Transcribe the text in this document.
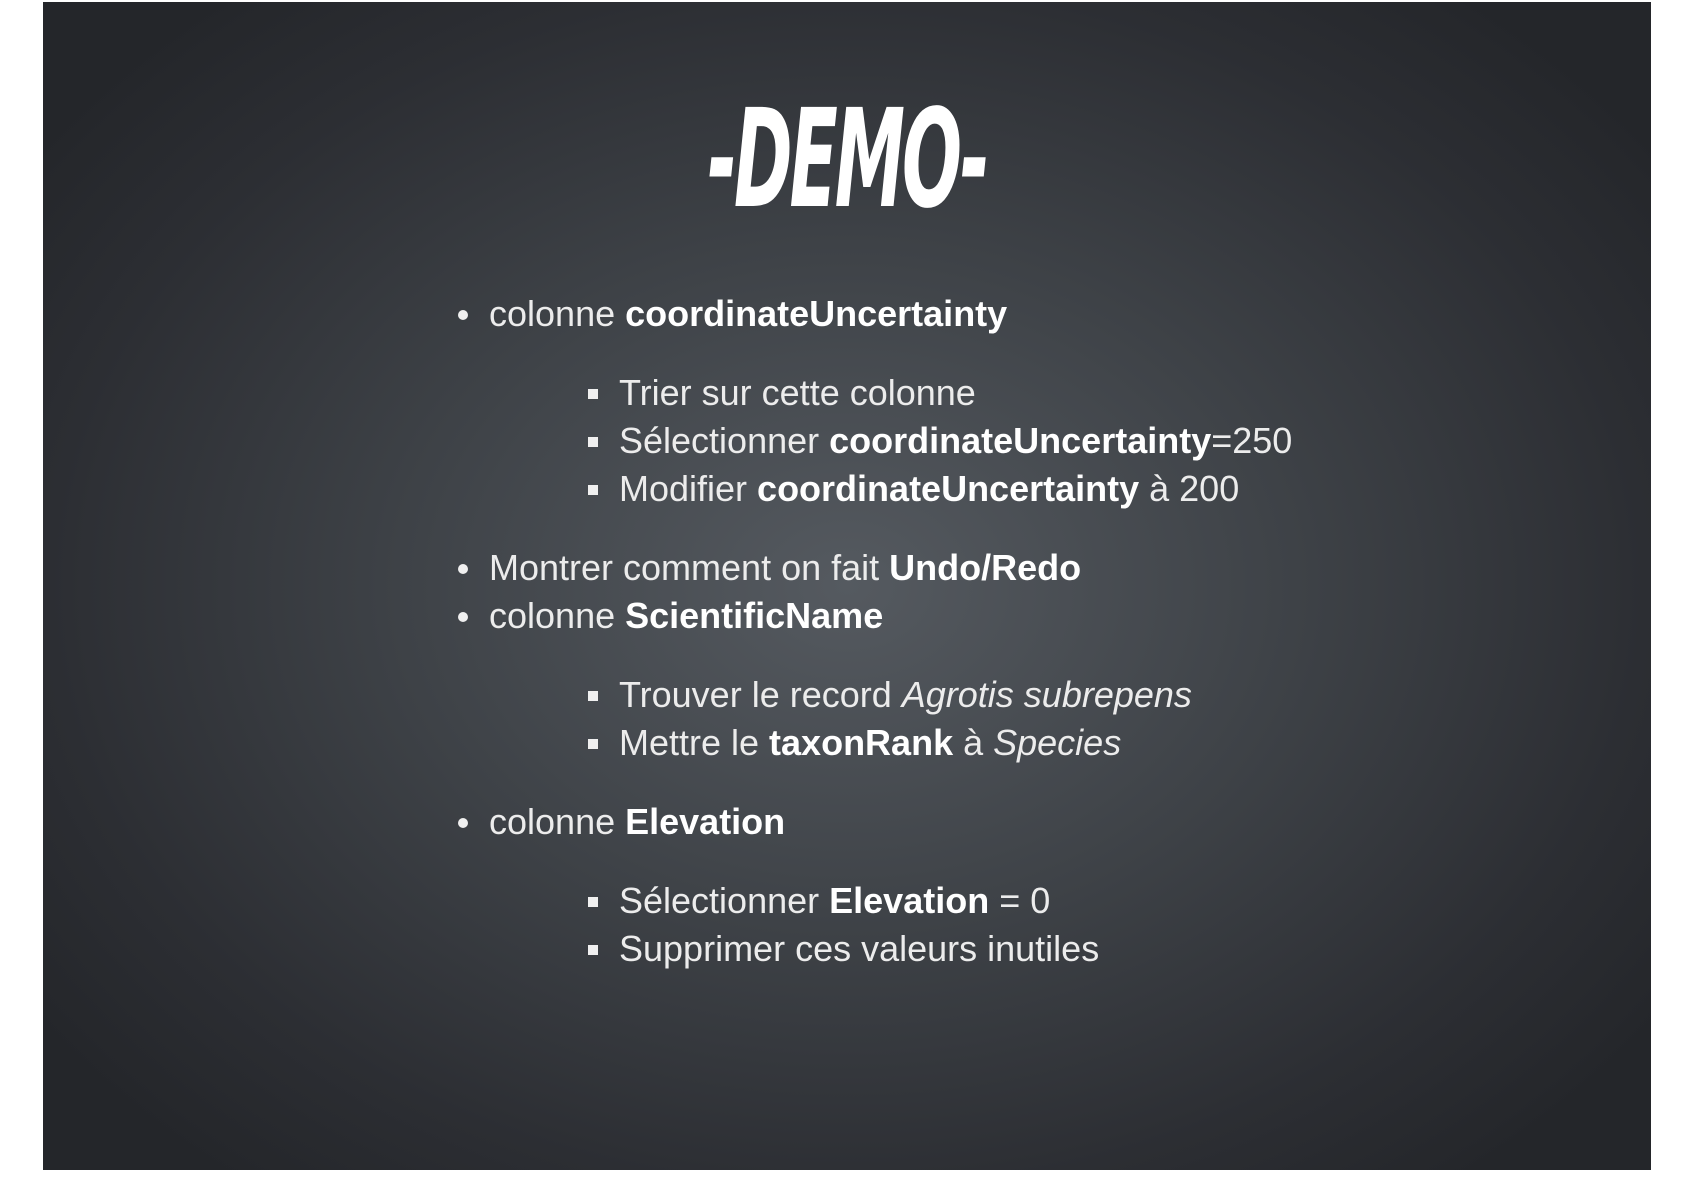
-DEMO-
colonne coordinateUncertainty
Trier sur cette colonne
Sélectionner coordinateUncertainty=250
Modifier coordinateUncertainty à 200
Montrer comment on fait Undo/Redo
colonne ScientificName
Trouver le record Agrotis subrepens
Mettre le taxonRank à Species
colonne Elevation
Sélectionner Elevation = 0
Supprimer ces valeurs inutiles
